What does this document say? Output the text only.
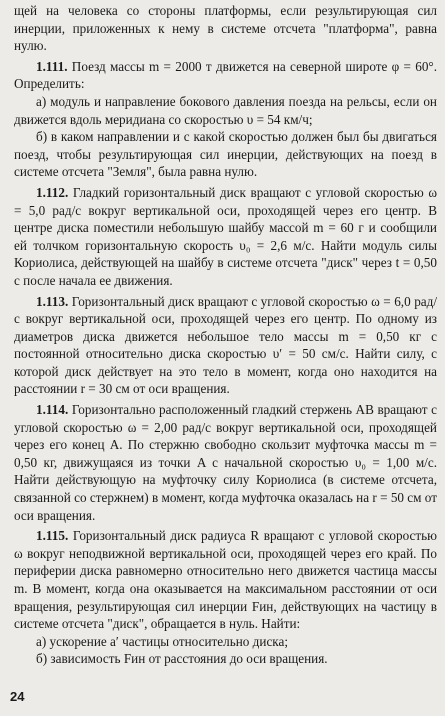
щей на человека со стороны платформы, если результирующая сил инерции, приложенных к нему в системе отсчета "платформа", равна нулю.
1.111. Поезд массы m = 2000 т движется на северной широте φ = 60°. Определить:
а) модуль и направление бокового давления поезда на рельсы, если он движется вдоль меридиана со скоростью υ = 54 км/ч;
б) в каком направлении и с какой скоростью должен был бы двигаться поезд, чтобы результирующая сил инерции, действующих на поезд в системе отсчета "Земля", была равна нулю.
1.112. Гладкий горизонтальный диск вращают с угловой скоростью ω = 5,0 рад/с вокруг вертикальной оси, проходящей через его центр. В центре диска поместили небольшую шайбу массой m = 60 г и сообщили ей толчком горизонтальную скорость υ₀ = 2,6 м/с. Найти модуль силы Кориолиса, действующей на шайбу в системе отсчета "диск" через t = 0,50 с после начала ее движения.
1.113. Горизонтальный диск вращают с угловой скоростью ω = 6,0 рад/с вокруг вертикальной оси, проходящей через его центр. По одному из диаметров диска движется небольшое тело массы m = 0,50 кг с постоянной относительно диска скоростью υ′ = 50 см/с. Найти силу, с которой диск действует на это тело в момент, когда оно находится на расстоянии r = 30 см от оси вращения.
1.114. Горизонтально расположенный гладкий стержень AB вращают с угловой скоростью ω = 2,00 рад/с вокруг вертикальной оси, проходящей через его конец A. По стержню свободно скользит муфточка массы m = 0,50 кг, движущаяся из точки A с начальной скоростью υ₀ = 1,00 м/с. Найти действующую на муфточку силу Кориолиса (в системе отсчета, связанной со стержнем) в момент, когда муфточка оказалась на r = 50 см от оси вращения.
1.115. Горизонтальный диск радиуса R вращают с угловой скоростью ω вокруг неподвижной вертикальной оси, проходящей через его край. По периферии диска равномерно относительно него движется частица массы m. В момент, когда она оказывается на максимальном расстоянии от оси вращения, результирующая сил инерции Fин, действующих на частицу в системе отсчета "диск", обращается в нуль. Найти:
а) ускорение a′ частицы относительно диска;
б) зависимость Fин от расстояния до оси вращения.
24
